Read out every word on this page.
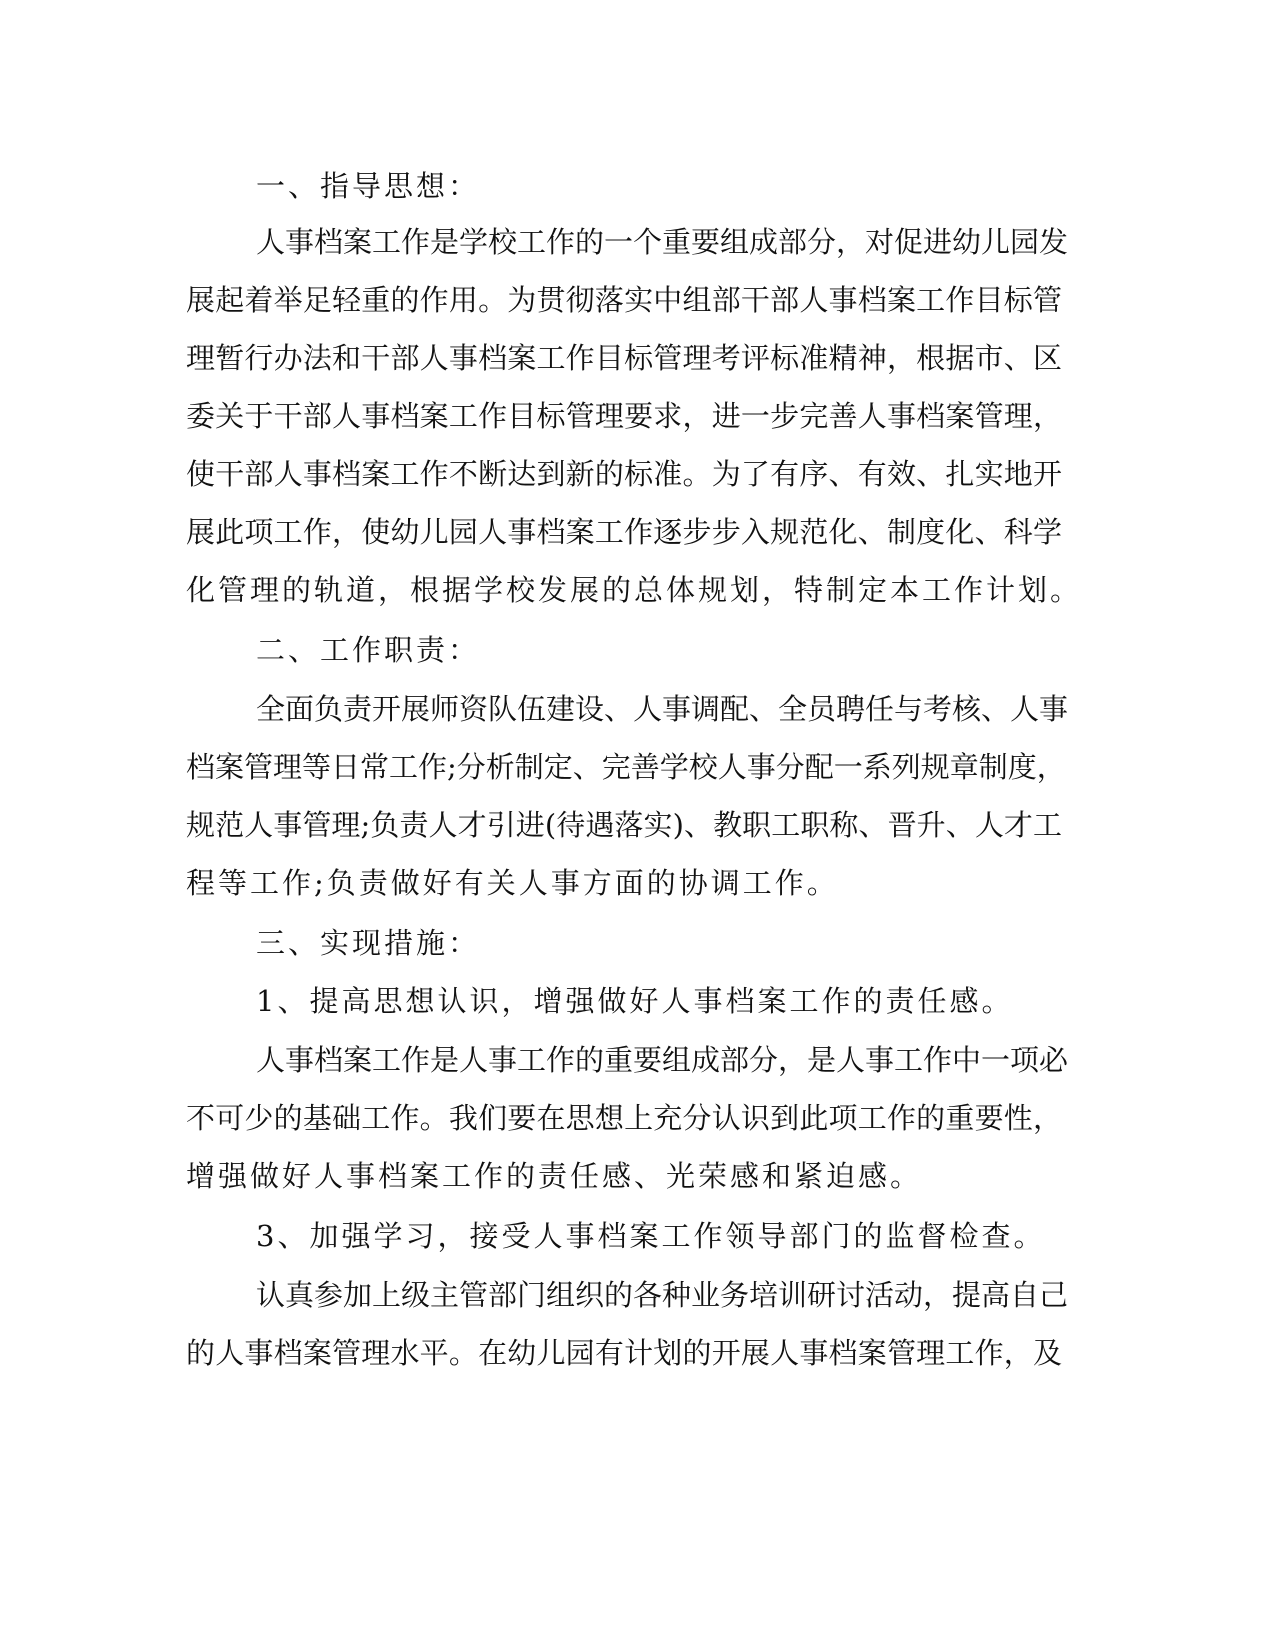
一、指导思想：
人事档案工作是学校工作的一个重要组成部分，对促进幼儿园发
展起着举足轻重的作用。为贯彻落实中组部干部人事档案工作目标管
理暂行办法和干部人事档案工作目标管理考评标准精神，根据市、区
委关于干部人事档案工作目标管理要求，进一步完善人事档案管理，
使干部人事档案工作不断达到新的标准。为了有序、有效、扎实地开
展此项工作，使幼儿园人事档案工作逐步步入规范化、制度化、科学
化管理的轨道，根据学校发展的总体规划，特制定本工作计划。
二、工作职责：
全面负责开展师资队伍建设、人事调配、全员聘任与考核、人事
档案管理等日常工作;分析制定、完善学校人事分配一系列规章制度，
规范人事管理;负责人才引进(待遇落实)、教职工职称、晋升、人才工
程等工作;负责做好有关人事方面的协调工作。
三、实现措施：
1、提高思想认识，增强做好人事档案工作的责任感。
人事档案工作是人事工作的重要组成部分，是人事工作中一项必
不可少的基础工作。我们要在思想上充分认识到此项工作的重要性，
增强做好人事档案工作的责任感、光荣感和紧迫感。
3、加强学习，接受人事档案工作领导部门的监督检查。
认真参加上级主管部门组织的各种业务培训研讨活动，提高自己
的人事档案管理水平。在幼儿园有计划的开展人事档案管理工作，及
